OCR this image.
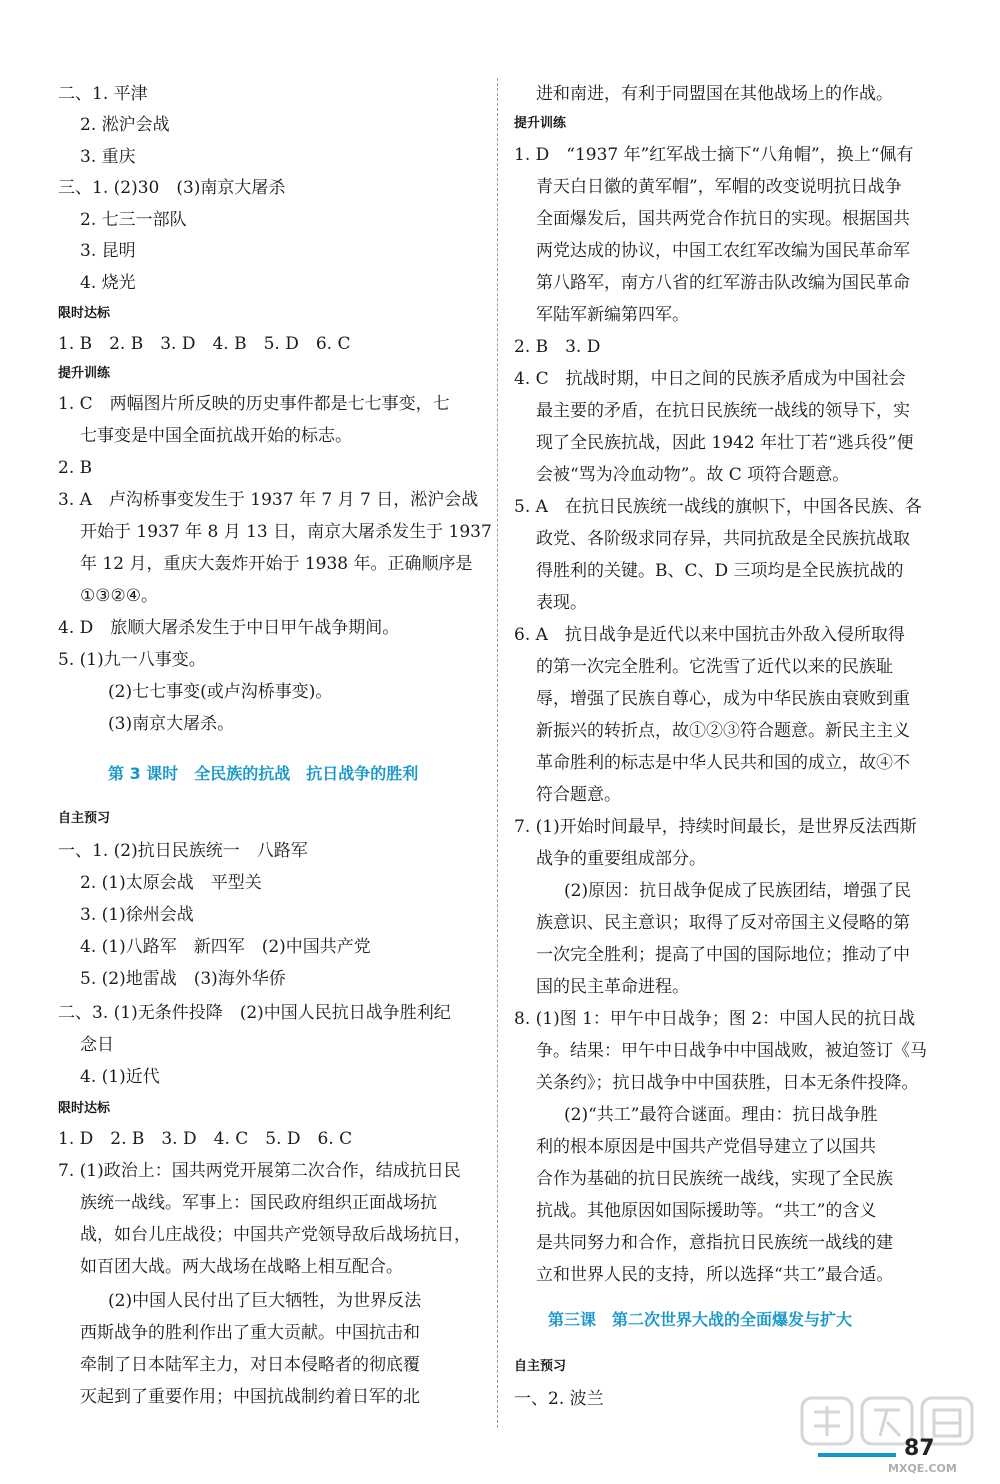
二、1. 平津
2. 淞沪会战
3. 重庆
三、1. (2)30　(3)南京大屠杀
2. 七三一部队
3. 昆明
4. 烧光
限时达标
1. B　2. B　3. D　4. B　5. D　6. C
提升训练
1. C　两幅图片所反映的历史事件都是七七事变，七
七事变是中国全面抗战开始的标志。
2. B
3. A　卢沟桥事变发生于 1937 年 7 月 7 日，淞沪会战
开始于 1937 年 8 月 13 日，南京大屠杀发生于 1937
年 12 月，重庆大轰炸开始于 1938 年。正确顺序是
①③②④。
4. D　旅顺大屠杀发生于中日甲午战争期间。
5. (1)九一八事变。
(2)七七事变(或卢沟桥事变)。
(3)南京大屠杀。
第 3 课时　全民族的抗战　抗日战争的胜利
自主预习
一、1. (2)抗日民族统一　八路军
2. (1)太原会战　平型关
3. (1)徐州会战
4. (1)八路军　新四军　(2)中国共产党
5. (2)地雷战　(3)海外华侨
二、3. (1)无条件投降　(2)中国人民抗日战争胜利纪
念日
4. (1)近代
限时达标
1. D　2. B　3. D　4. C　5. D　6. C
7. (1)政治上：国共两党开展第二次合作，结成抗日民
族统一战线。军事上：国民政府组织正面战场抗
战，如台儿庄战役；中国共产党领导敌后战场抗日，
如百团大战。两大战场在战略上相互配合。
(2)中国人民付出了巨大牺牲，为世界反法
西斯战争的胜利作出了重大贡献。中国抗击和
牵制了日本陆军主力，对日本侵略者的彻底覆
灭起到了重要作用；中国抗战制约着日军的北
进和南进，有利于同盟国在其他战场上的作战。
提升训练
1. D　“1937 年”红军战士摘下“八角帽”，换上“佩有
青天白日徽的黄军帽”，军帽的改变说明抗日战争
全面爆发后，国共两党合作抗日的实现。根据国共
两党达成的协议，中国工农红军改编为国民革命军
第八路军，南方八省的红军游击队改编为国民革命
军陆军新编第四军。
2. B　3. D
4. C　抗战时期，中日之间的民族矛盾成为中国社会
最主要的矛盾，在抗日民族统一战线的领导下，实
现了全民族抗战，因此 1942 年壮丁若“逃兵役”便
会被“骂为冷血动物”。故 C 项符合题意。
5. A　在抗日民族统一战线的旗帜下，中国各民族、各
政党、各阶级求同存异，共同抗敌是全民族抗战取
得胜利的关键。B、C、D 三项均是全民族抗战的
表现。
6. A　抗日战争是近代以来中国抗击外敌入侵所取得
的第一次完全胜利。它洗雪了近代以来的民族耻
辱，增强了民族自尊心，成为中华民族由衰败到重
新振兴的转折点，故①②③符合题意。新民主主义
革命胜利的标志是中华人民共和国的成立，故④不
符合题意。
7. (1)开始时间最早，持续时间最长，是世界反法西斯
战争的重要组成部分。
(2)原因：抗日战争促成了民族团结，增强了民
族意识、民主意识；取得了反对帝国主义侵略的第
一次完全胜利；提高了中国的国际地位；推动了中
国的民主革命进程。
8. (1)图 1：甲午中日战争；图 2：中国人民的抗日战
争。结果：甲午中日战争中中国战败，被迫签订《马
关条约》；抗日战争中中国获胜，日本无条件投降。
(2)“共工”最符合谜面。理由：抗日战争胜
利的根本原因是中国共产党倡导建立了以国共
合作为基础的抗日民族统一战线，实现了全民族
抗战。其他原因如国际援助等。“共工”的含义
是共同努力和合作，意指抗日民族统一战线的建
立和世界人民的支持，所以选择“共工”最合适。
第三课　第二次世界大战的全面爆发与扩大
自主预习
一、2. 波兰
87
MXQE.COM
